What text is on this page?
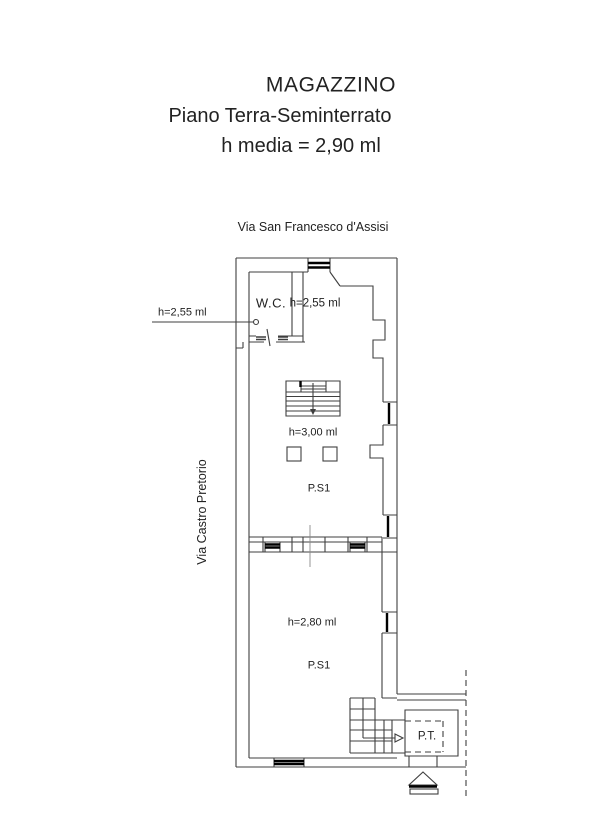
MAGAZZINO
Piano Terra-Seminterrato
h media = 2,90 ml
Via San Francesco d'Assisi
Via Castro Pretorio
W.C.
h=2,55 ml
h=2,55 ml
h=3,00 ml
P.S1
h=2,80 ml
P.S1
P.T.
